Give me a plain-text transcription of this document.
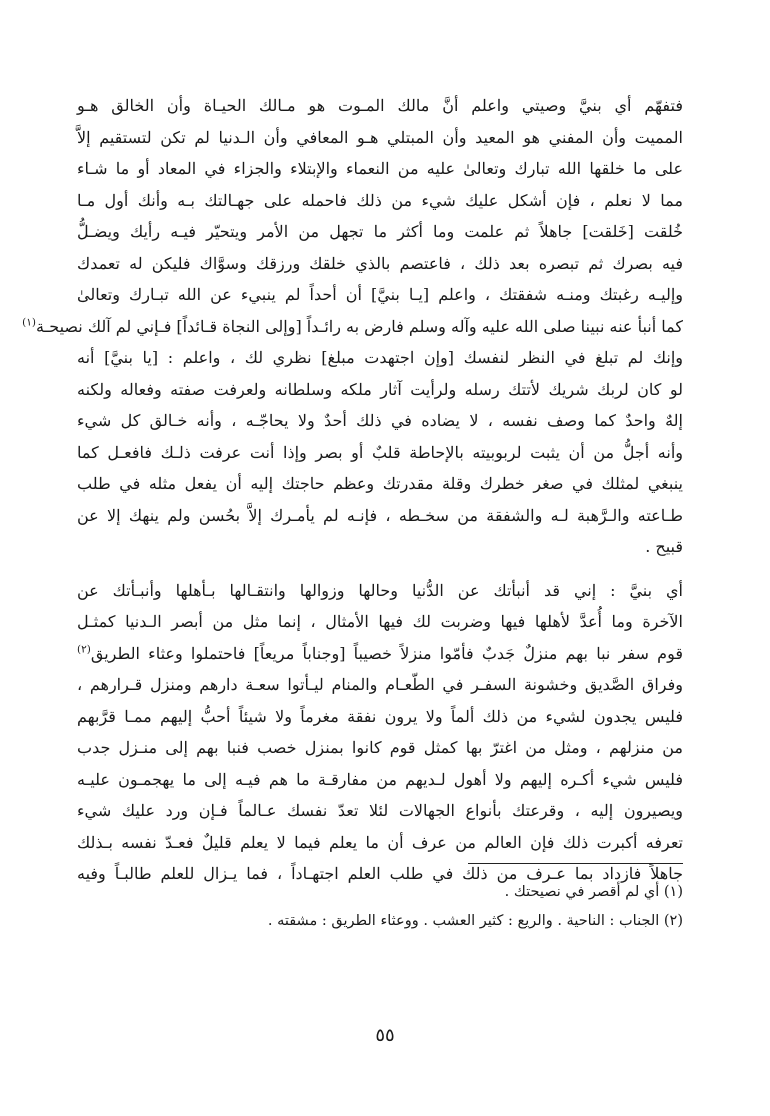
فتفهّم أي بنيَّ وصيتي واعلم أنَّ مالك المـوت هو مـالك الحيـاة وأن الخالق هـو
المميت وأن المفني هو المعيد وأن المبتلي هـو المعافي وأن الـدنيا لم تكن لتستقيم إلاَّ
على ما خلقها الله تبارك وتعالىٰ عليه من النعماء والإبتلاء والجزاء في المعاد أو ما شـاء
مما لا نعلم ، فإن أشكل عليك شيء من ذلك فاحمله على جهـالتك بـه وأنك أول مـا
خُلقت [خَلقت] جاهلاً ثم علمت وما أكثر ما تجهل من الأمر ويتحيّر فيـه رأيك ويضـلُّ
فيه بصرك ثم تبصره بعد ذلك ، فاعتصم بالذي خلقك ورزقك وسوَّاك فليكن له تعمدك
وإليـه رغبتك ومنـه شفقتك ، واعلم [يـا بنيَّ] أن أحداً لم ينبيء عن الله تبـارك وتعالىٰ
كما أنبأ عنه نبينا صلى الله عليه وآله وسلم فارض به رائـداً [وإلى النجاة قـائداً] فـإني لم آلك نصيحـة$^{(١)}$
وإنك لم تبلغ في النظر لنفسك [وإن اجتهدت مبلغ] نظري لك ، واعلم : [يا بنيَّ] أنه
لو كان لربك شريك لأتتك رسله ولرأيت آثار ملكه وسلطانه ولعرفت صفته وفعاله ولكنه
إلهٌ واحدٌ كما وصف نفسه ، لا يضاده في ذلك أحدٌ ولا يحاجّـه ، وأنه خـالق كل شيء
وأنه أجلُّ من أن يثبت لربوبيته بالإحاطة قلبٌ أو بصر وإذا أنت عرفت ذلـك فافعـل كما
ينبغي لمثلك في صغر خطرك وقلة مقدرتك وعظم حاجتك إليه أن يفعل مثله في طلب
طـاعته والـرَّهبة لـه والشفقة من سخـطه ، فإنـه لم يأمـرك إلاَّ بحُسن ولم ينهك إلا عن
قبيح .
أي بنيَّ : إني قد أنبأتك عن الدُّنيا وحالها وزوالها وانتقـالها بـأهلها وأنبـأتك عن
الآخرة وما أُعدَّ لأهلها فيها وضربت لك فيها الأمثال ، إنما مثل من أبصر الـدنيا كمثـل
قوم سفر نبا بهم منزلٌ جَدبٌ فأمّوا منزلاً خصيباً [وجناباً مريعاً] فاحتملوا وعثاء الطريق$^{(٢)}$
وفراق الصَّديق وخشونة السفـر في الطّعـام والمنام ليـأتوا سعـة دارهم ومنزل قـرارهم ،
فليس يجدون لشيء من ذلك ألماً ولا يرون نفقة مغرماً ولا شيئاً أحبُّ إليهم ممـا قرَّبهم
من منزلهم ، ومثل من اغترّ بها كمثل قوم كانوا بمنزل خصب فنبا بهم إلى منـزل جدب
فليس شيء أكـره إليهم ولا أهول لـديهم من مفارقـة ما هم فيـه إلى ما يهجمـون عليـه
ويصيرون إليه ، وقرعتك بأنواع الجهالات لئلا تعدّ نفسك عـالماً فـإن ورد عليك شيء
تعرفه أكبرت ذلك فإن العالم من عرف أن ما يعلم فيما لا يعلم قليلٌ فعـدّ نفسه بـذلك
جاهلاً فازداد بما عـرف من ذلك في طلب العلم اجتهـاداً ، فما يـزال للعلم طالبـاً وفيه
(١) أي لم أقصر في نصيحتك .
(٢) الجناب : الناحية . والريع : كثير العشب . ووعثاء الطريق : مشقته .
٥٥
